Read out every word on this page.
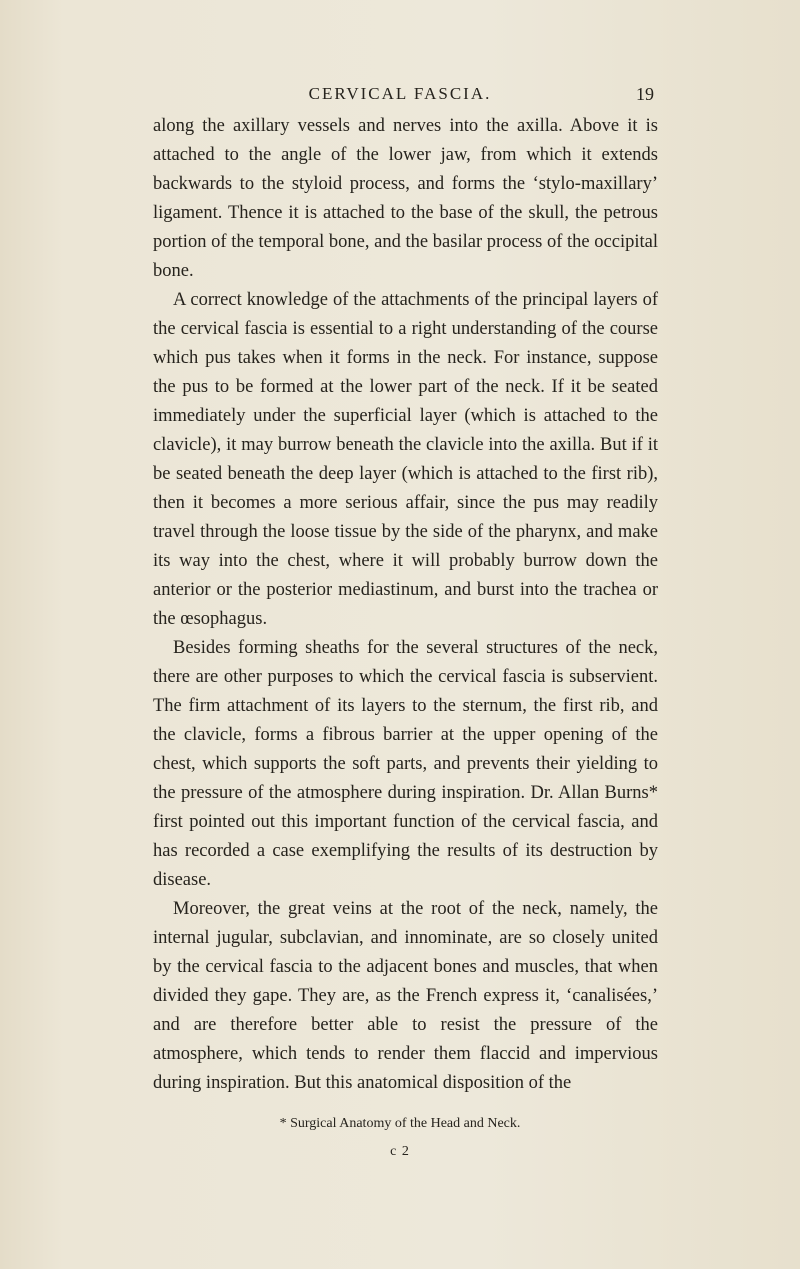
CERVICAL FASCIA.	19

along the axillary vessels and nerves into the axilla. Above it is attached to the angle of the lower jaw, from which it extends backwards to the styloid process, and forms the ‘stylo-maxillary’ ligament. Thence it is attached to the base of the skull, the petrous portion of the temporal bone, and the basilar process of the occipital bone.

A correct knowledge of the attachments of the principal layers of the cervical fascia is essential to a right understanding of the course which pus takes when it forms in the neck. For instance, suppose the pus to be formed at the lower part of the neck. If it be seated immediately under the superficial layer (which is attached to the clavicle), it may burrow beneath the clavicle into the axilla. But if it be seated beneath the deep layer (which is attached to the first rib), then it becomes a more serious affair, since the pus may readily travel through the loose tissue by the side of the pharynx, and make its way into the chest, where it will probably burrow down the anterior or the posterior mediastinum, and burst into the trachea or the œsophagus.

Besides forming sheaths for the several structures of the neck, there are other purposes to which the cervical fascia is subservient. The firm attachment of its layers to the sternum, the first rib, and the clavicle, forms a fibrous barrier at the upper opening of the chest, which supports the soft parts, and prevents their yielding to the pressure of the atmosphere during inspiration. Dr. Allan Burns* first pointed out this important function of the cervical fascia, and has recorded a case exemplifying the results of its destruction by disease.

Moreover, the great veins at the root of the neck, namely, the internal jugular, subclavian, and innominate, are so closely united by the cervical fascia to the adjacent bones and muscles, that when divided they gape. They are, as the French express it, ‘canalisées,’ and are therefore better able to resist the pressure of the atmosphere, which tends to render them flaccid and impervious during inspiration. But this anatomical disposition of the

* Surgical Anatomy of the Head and Neck.
c 2
